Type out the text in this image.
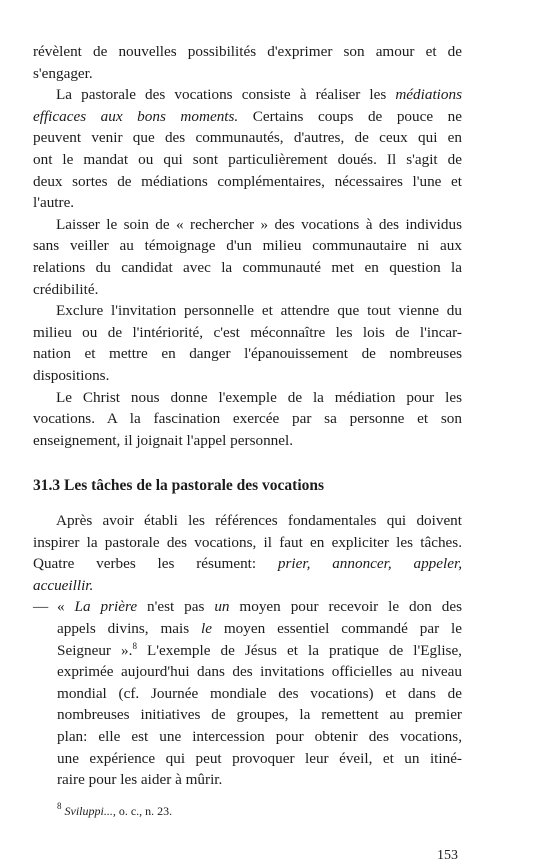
révèlent de nouvelles possibilités d'exprimer son amour et de
s'engager.
La pastorale des vocations consiste à réaliser les médiations
efficaces aux bons moments. Certains coups de pouce ne
peuvent venir que des communautés, d'autres, de ceux qui en
ont le mandat ou qui sont particulièrement doués. Il s'agit de
deux sortes de médiations complémentaires, nécessaires l'une et
l'autre.
Laisser le soin de « rechercher » des vocations à des individus
sans veiller au témoignage d'un milieu communautaire ni aux
relations du candidat avec la communauté met en question la
crédibilité.
Exclure l'invitation personnelle et attendre que tout vienne du
milieu ou de l'intériorité, c'est méconnaître les lois de l'incar-
nation et mettre en danger l'épanouissement de nombreuses
dispositions.
Le Christ nous donne l'exemple de la médiation pour les
vocations. A la fascination exercée par sa personne et son
enseignement, il joignait l'appel personnel.
31.3 Les tâches de la pastorale des vocations
Après avoir établi les références fondamentales qui doivent
inspirer la pastorale des vocations, il faut en expliciter les tâches.
Quatre verbes les résument: prier, annoncer, appeler,
accueillir.
— « La prière n'est pas un moyen pour recevoir le don des
appels divins, mais le moyen essentiel commandé par le
Seigneur ».$^8$ L'exemple de Jésus et la pratique de l'Eglise,
exprimée aujourd'hui dans des invitations officielles au niveau
mondial (cf. Journée mondiale des vocations) et dans de
nombreuses initiatives de groupes, la remettent au premier
plan: elle est une intercession pour obtenir des vocations,
une expérience qui peut provoquer leur éveil, et un itiné-
raire pour les aider à mûrir.
$^8$ Sviluppi..., o. c., n. 23.
153
